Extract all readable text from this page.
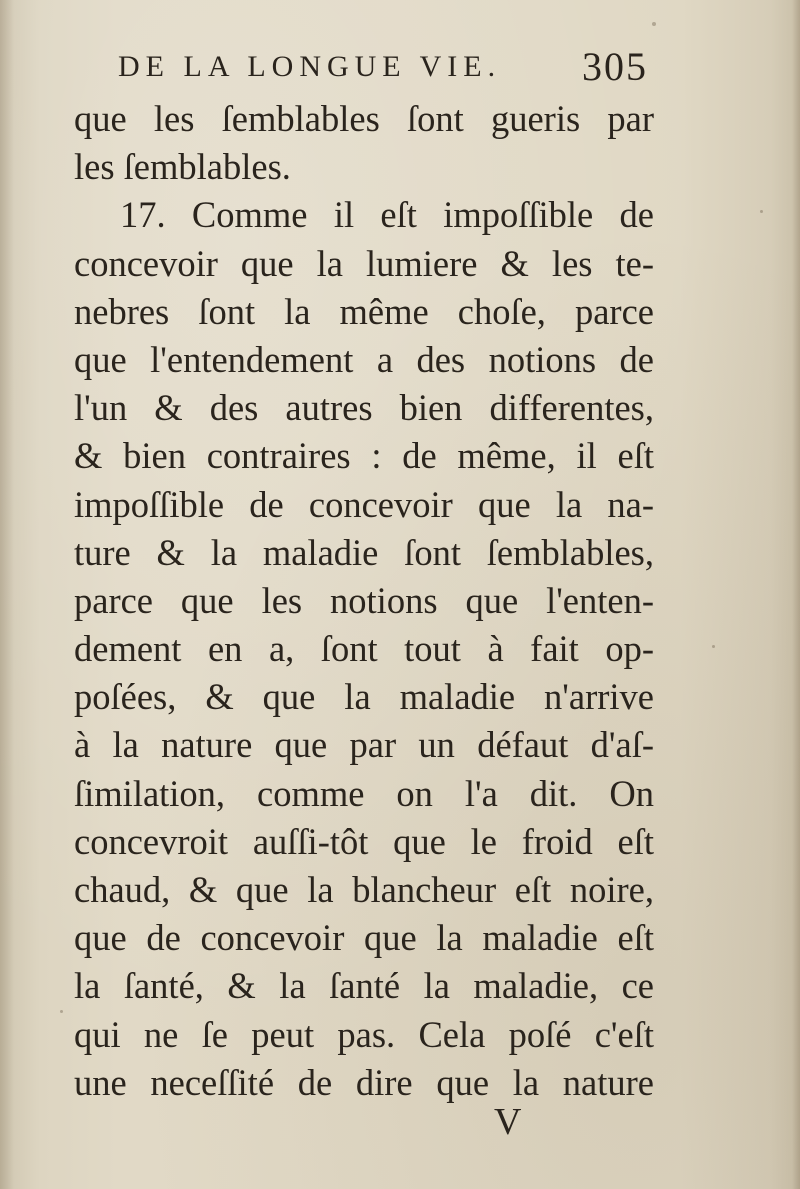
DE LA LONGUE VIE. 305
que les ſemblables ſont gueris par
les ſemblables.
17. Comme il eſt impoſſible de
concevoir que la lumiere & les te-
nebres ſont la même choſe, parce
que l'entendement a des notions de
l'un & des autres bien differentes,
& bien contraires : de même, il eſt
impoſſible de concevoir que la na-
ture & la maladie ſont ſemblables,
parce que les notions que l'enten-
dement en a, ſont tout à fait op-
poſées, & que la maladie n'arrive
à la nature que par un défaut d'aſ-
ſimilation, comme on l'a dit. On
concevroit auſſi-tôt que le froid eſt
chaud, & que la blancheur eſt noire,
que de concevoir que la maladie eſt
la ſanté, & la ſanté la maladie, ce
qui ne ſe peut pas. Cela poſé c'eſt
une neceſſité de dire que la nature
V
